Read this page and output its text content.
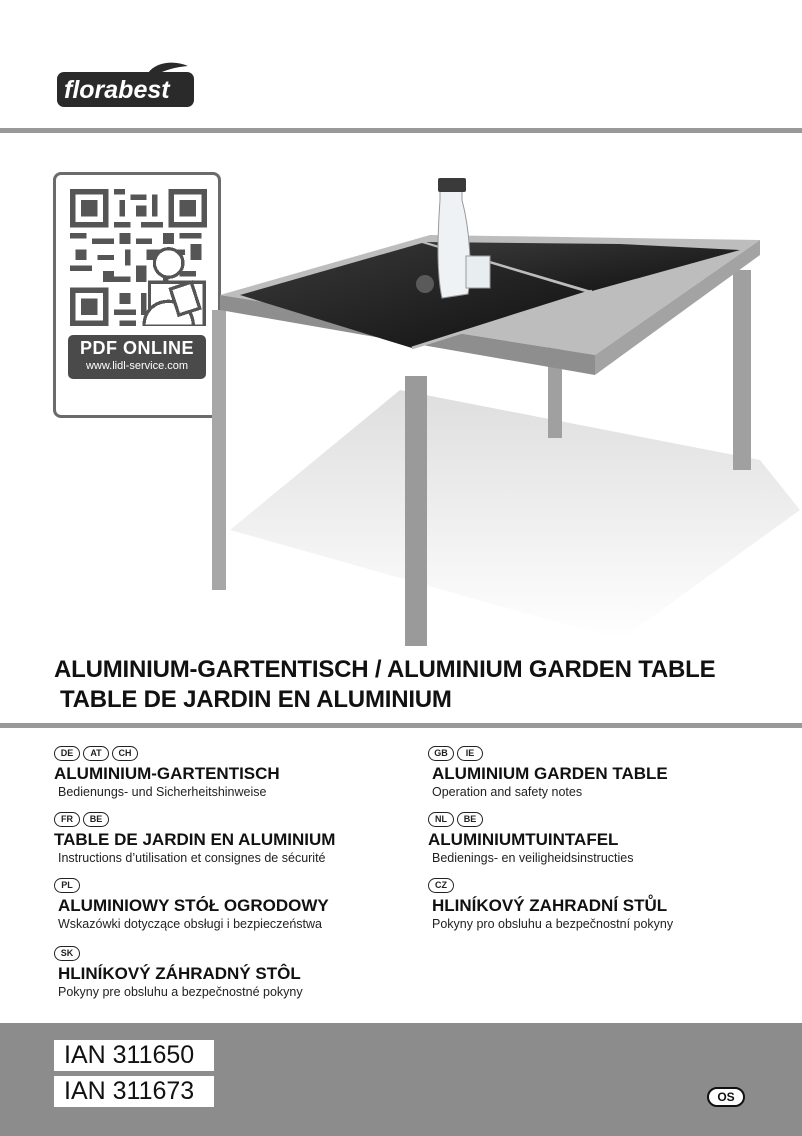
florabest
PDF ONLINE
www.lidl-service.com
ALUMINIUM-GARTENTISCH / ALUMINIUM GARDEN TABLE
TABLE DE JARDIN EN ALUMINIUM
DE	AT	CH
ALUMINIUM-GARTENTISCH
Bedienungs- und Sicherheitshinweise
GB	IE
ALUMINIUM GARDEN TABLE
Operation and safety notes
FR	BE
TABLE DE JARDIN EN ALUMINIUM
Instructions d’utilisation et consignes de sécurité
NL	BE
ALUMINIUMTUINTAFEL
Bedienings- en veiligheidsinstructies
PL
ALUMINIOWY STÓŁ OGRODOWY
Wskazówki dotyczące obsługi i bezpieczeństwa
CZ
HLINÍKOVÝ ZAHRADNÍ STŮL
Pokyny pro obsluhu a bezpečnostní pokyny
SK
HLINÍKOVÝ ZÁHRADNÝ STÔL
Pokyny pre obsluhu a bezpečnostné pokyny
IAN 311650
IAN 311673	OS
